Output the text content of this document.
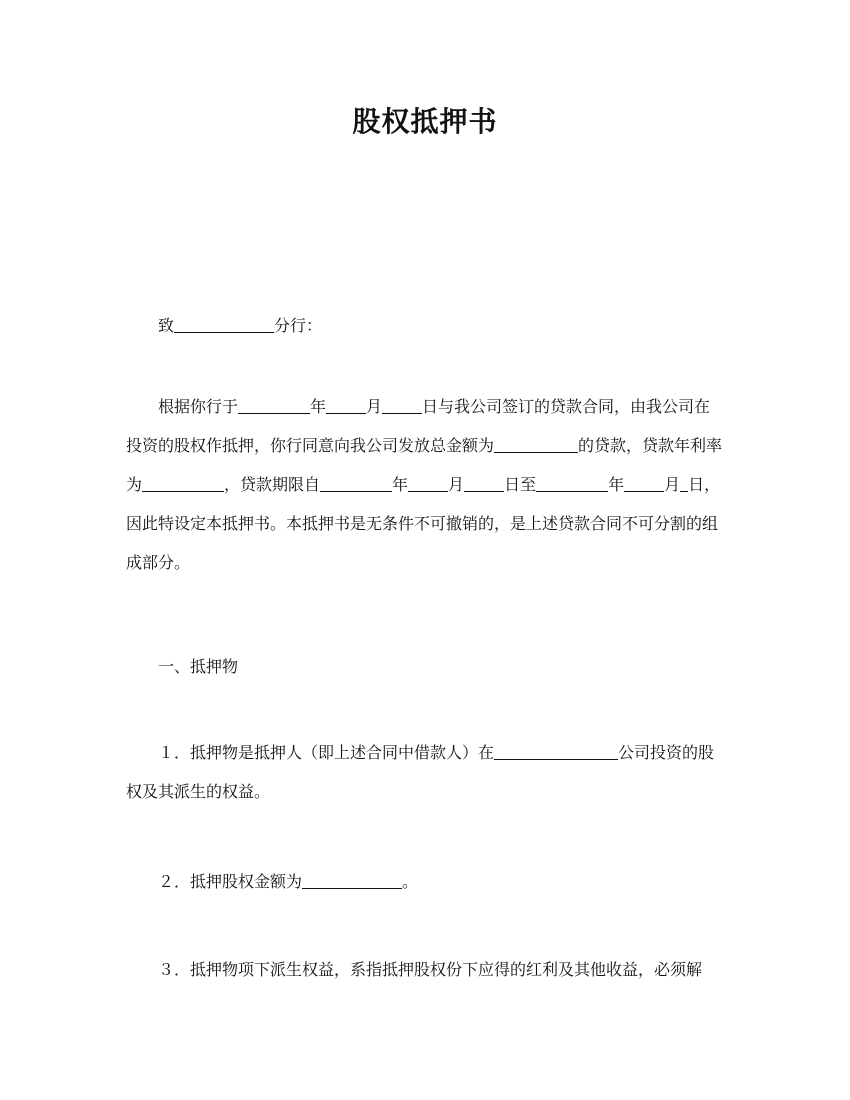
股权抵押书
致	分行：
根据你行于	年	月	日与我公司签订的贷款合同，由我公司在投资的股权作抵押，你行同意向我公司发放总金额为	的贷款，贷款年利率为	，贷款期限自	年	月	日至	年	月 日，因此特设定本抵押书。本抵押书是无条件不可撤销的，是上述贷款合同不可分割的组成部分。
一、抵押物
１．抵押物是抵押人（即上述合同中借款人）在	公司投资的股权及其派生的权益。
２．抵押股权金额为	。
３．抵押物项下派生权益，系指抵押股权份下应得的红利及其他收益，必须解
